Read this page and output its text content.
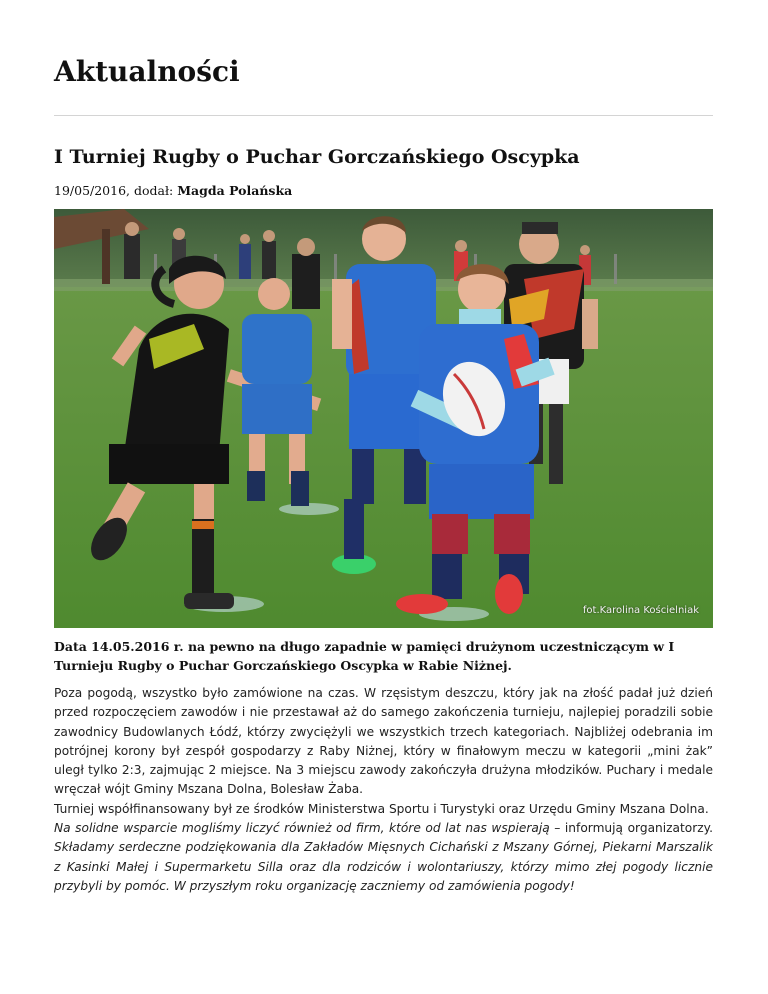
Aktualności
I Turniej Rugby o Puchar Gorczańskiego Oscypka
19/05/2016, dodał: Magda Polańska
fot.Karolina Kościelniak

Data 14.05.2016 r. na pewno na długo zapadnie w pamięci drużynom uczestniczącym w I Turnieju Rugby o Puchar Gorczańskiego Oscypka w Rabie Niżnej.

Poza pogodą, wszystko było zamówione na czas. W rzęsistym deszczu, który jak na złość padał już dzień przed rozpoczęciem zawodów i nie przestawał aż do samego zakończenia turnieju, najlepiej poradzili sobie zawodnicy Budowlanych Łódź, którzy zwyciężyli we wszystkich trzech kategoriach. Najbliżej odebrania im potrójnej korony był zespół gospodarzy z Raby Niżnej, który w finałowym meczu w kategorii „mini żak” uległ tylko 2:3, zajmując 2 miejsce. Na 3 miejscu zawody zakończyła drużyna młodzików. Puchary i medale wręczał wójt Gminy Mszana Dolna, Bolesław Żaba.

Turniej współfinansowany był ze środków Ministerstwa Sportu i Turystyki oraz Urzędu Gminy Mszana Dolna.

Na solidne wsparcie mogliśmy liczyć również od firm, które od lat nas wspierają – informują organizatorzy. Składamy serdeczne podziękowania dla Zakładów Mięsnych Cichański z Mszany Górnej, Piekarni Marszalik z Kasinki Małej i Supermarketu Silla oraz dla rodziców i wolontariuszy, którzy mimo złej pogody licznie przybyli by pomóc. W przyszłym roku organizację zaczniemy od zamówienia pogody!
